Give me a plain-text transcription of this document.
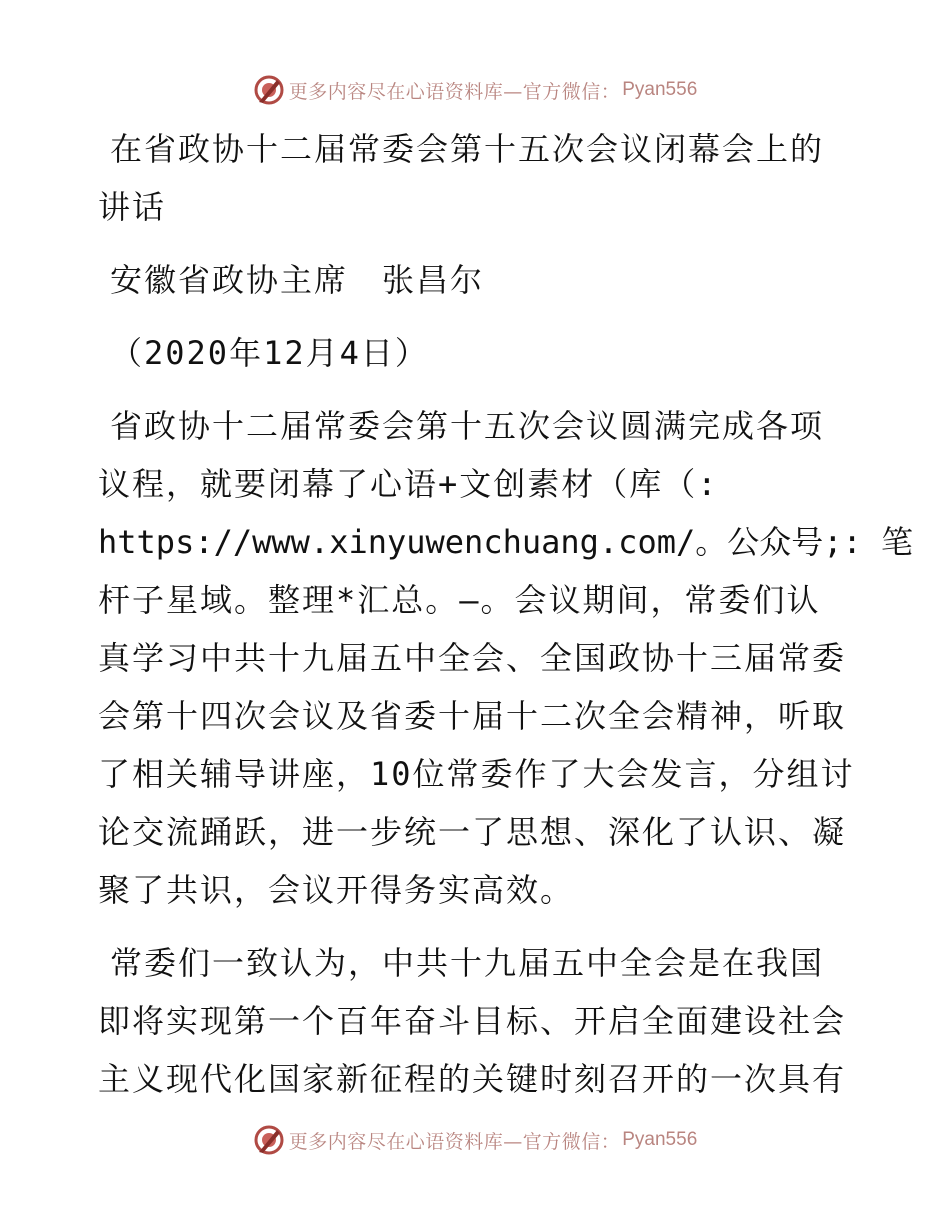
更多内容尽在心语资料库—官方微信： Pyan556
在省政协十二届常委会第十五次会议闭幕会上的
讲话
安徽省政协主席　张昌尔
（2020年12月4日）
省政协十二届常委会第十五次会议圆满完成各项
议程，就要闭幕了心语+文创素材（库（:
https://www.xinyuwenchuang.com/。公众号;: 笔
杆子星域。整理*汇总。—。会议期间，常委们认
真学习中共十九届五中全会、全国政协十三届常委
会第十四次会议及省委十届十二次全会精神，听取
了相关辅导讲座，10位常委作了大会发言，分组讨
论交流踊跃，进一步统一了思想、深化了认识、凝
聚了共识，会议开得务实高效。
常委们一致认为，中共十九届五中全会是在我国
即将实现第一个百年奋斗目标、开启全面建设社会
主义现代化国家新征程的关键时刻召开的一次具有
更多内容尽在心语资料库—官方微信： Pyan556
